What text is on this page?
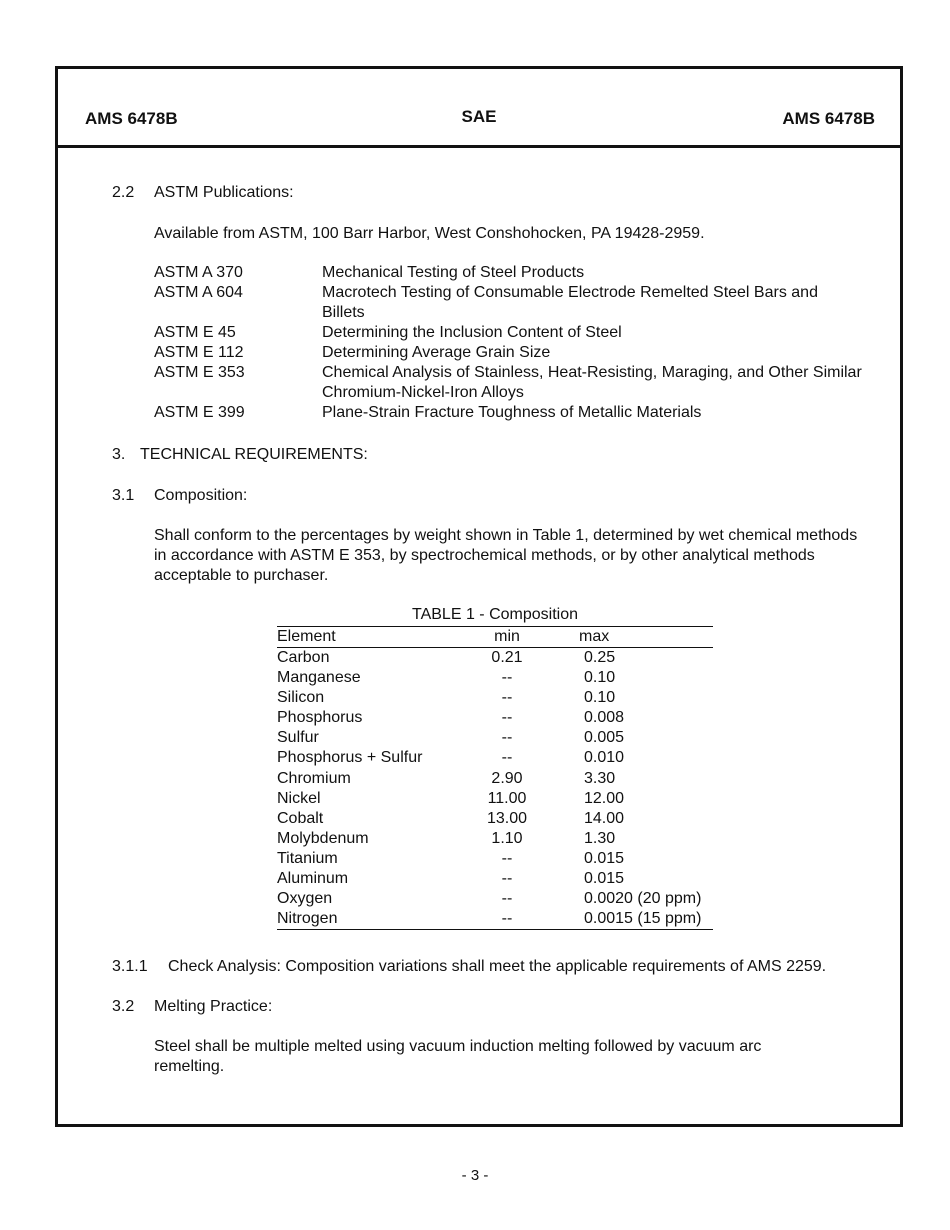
AMS 6478B	SAE	AMS 6478B
2.2 ASTM Publications:
Available from ASTM, 100 Barr Harbor, West Conshohocken, PA 19428-2959.
ASTM A 370	Mechanical Testing of Steel Products
ASTM A 604	Macrotech Testing of Consumable Electrode Remelted Steel Bars and Billets
ASTM E 45	Determining the Inclusion Content of Steel
ASTM E 112	Determining Average Grain Size
ASTM E 353	Chemical Analysis of Stainless, Heat-Resisting, Maraging, and Other Similar Chromium-Nickel-Iron Alloys
ASTM E 399	Plane-Strain Fracture Toughness of Metallic Materials
3. TECHNICAL REQUIREMENTS:
3.1 Composition:
Shall conform to the percentages by weight shown in Table 1, determined by wet chemical methods in accordance with ASTM E 353, by spectrochemical methods, or by other analytical methods acceptable to purchaser.
TABLE 1 - Composition
Element	min	max
Carbon	0.21	0.25
Manganese	--	0.10
Silicon	--	0.10
Phosphorus	--	0.008
Sulfur	--	0.005
Phosphorus + Sulfur	--	0.010
Chromium	2.90	3.30
Nickel	11.00	12.00
Cobalt	13.00	14.00
Molybdenum	1.10	1.30
Titanium	--	0.015
Aluminum	--	0.015
Oxygen	--	0.0020 (20 ppm)
Nitrogen	--	0.0015 (15 ppm)
3.1.1 Check Analysis: Composition variations shall meet the applicable requirements of AMS 2259.
3.2 Melting Practice:
Steel shall be multiple melted using vacuum induction melting followed by vacuum arc remelting.
- 3 -
